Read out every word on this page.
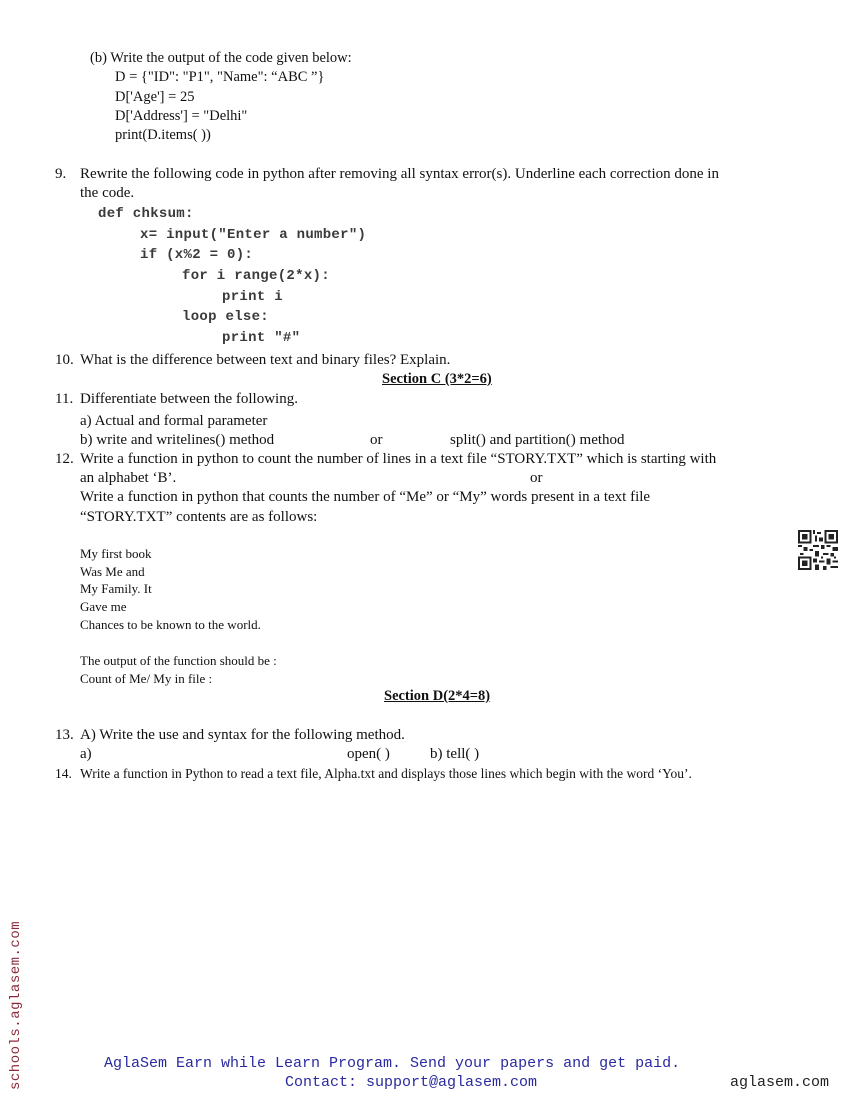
(b) Write the output of the code given below:
D = {"ID": "P1", "Name": “ABC ”}
D['Age'] = 25
D['Address'] = "Delhi"
print(D.items( ))
9. Rewrite the following code in python after removing all syntax error(s). Underline each correction done in
the code.
def chksum:
x= input("Enter a number")
if (x%2 = 0):
for i range(2*x):
print i
loop else:
print "#"
10. What is the difference between text and binary files? Explain.
Section C (3*2=6)
11. Differentiate between the following.
a) Actual and formal parameter
b) write and writelines() method	or	split() and partition() method
12. Write a function in python to count the number of lines in a text file “STORY.TXT” which is starting with
an alphabet ‘B’.	or
Write a function in python that counts the number of “Me” or “My” words present in a text file
“STORY.TXT” contents are as follows:
My first book
Was Me and
My Family. It
Gave me
Chances to be known to the world.
The output of the function should be :
Count of Me/ My in file :
Section D(2*4=8)
13. A) Write the use and syntax for the following method.
a)	open( )	b) tell( )
14. Write a function in Python to read a text file, Alpha.txt and displays those lines which begin with the word ‘You’.
schools.aglasem.com	AglaSem Earn while Learn Program. Send your papers and get paid.
Contact: support@aglasem.com	aglasem.com
